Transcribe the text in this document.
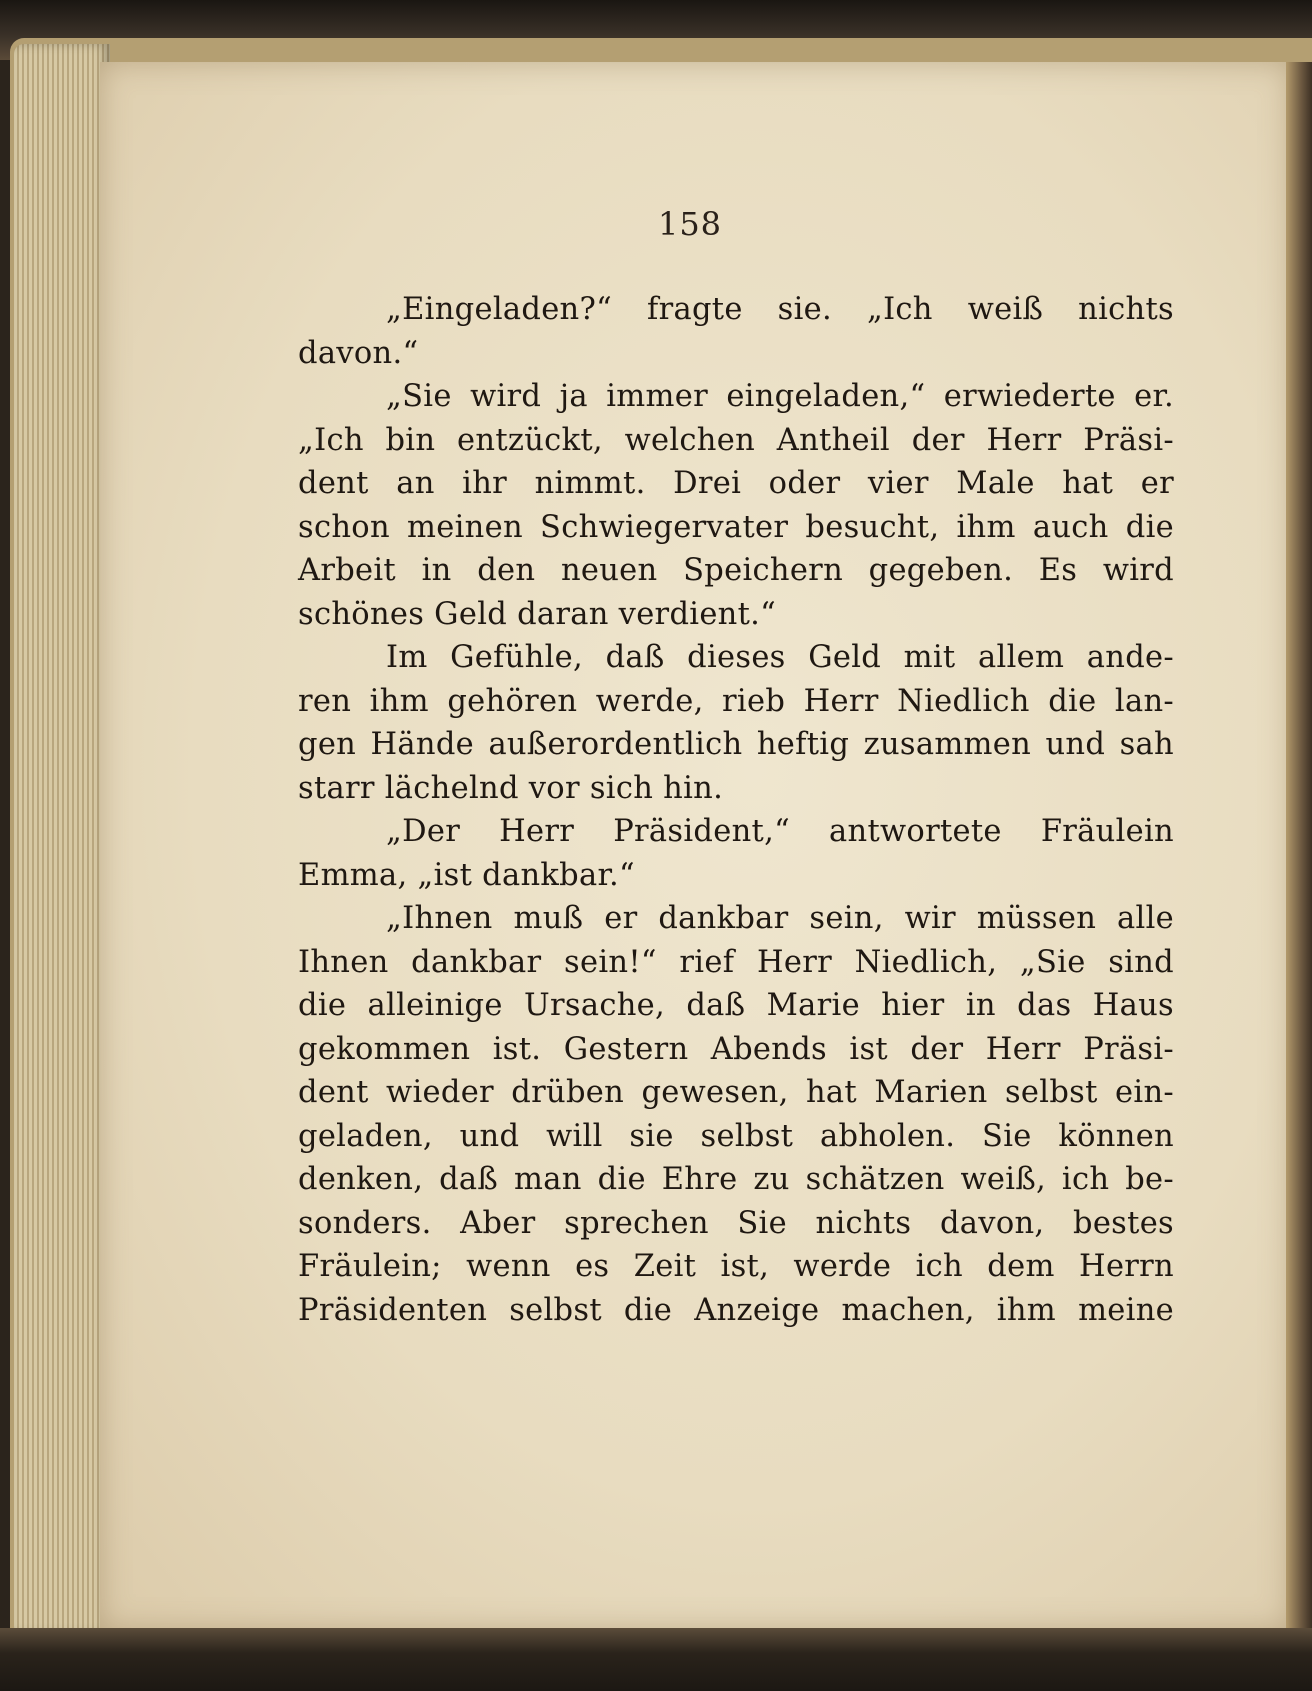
158
„Eingeladen?“ fragte sie. „Ich weiß nichts
davon.“
„Sie wird ja immer eingeladen,“ erwiederte er.
„Ich bin entzückt, welchen Antheil der Herr Präsi-
dent an ihr nimmt. Drei oder vier Male hat er
schon meinen Schwiegervater besucht, ihm auch die
Arbeit in den neuen Speichern gegeben. Es wird
schönes Geld daran verdient.“
Im Gefühle, daß dieses Geld mit allem ande-
ren ihm gehören werde, rieb Herr Niedlich die lan-
gen Hände außerordentlich heftig zusammen und sah
starr lächelnd vor sich hin.
„Der Herr Präsident,“ antwortete Fräulein
Emma, „ist dankbar.“
„Ihnen muß er dankbar sein, wir müssen alle
Ihnen dankbar sein!“ rief Herr Niedlich, „Sie sind
die alleinige Ursache, daß Marie hier in das Haus
gekommen ist. Gestern Abends ist der Herr Präsi-
dent wieder drüben gewesen, hat Marien selbst ein-
geladen, und will sie selbst abholen. Sie können
denken, daß man die Ehre zu schätzen weiß, ich be-
sonders. Aber sprechen Sie nichts davon, bestes
Fräulein; wenn es Zeit ist, werde ich dem Herrn
Präsidenten selbst die Anzeige machen, ihm meine
